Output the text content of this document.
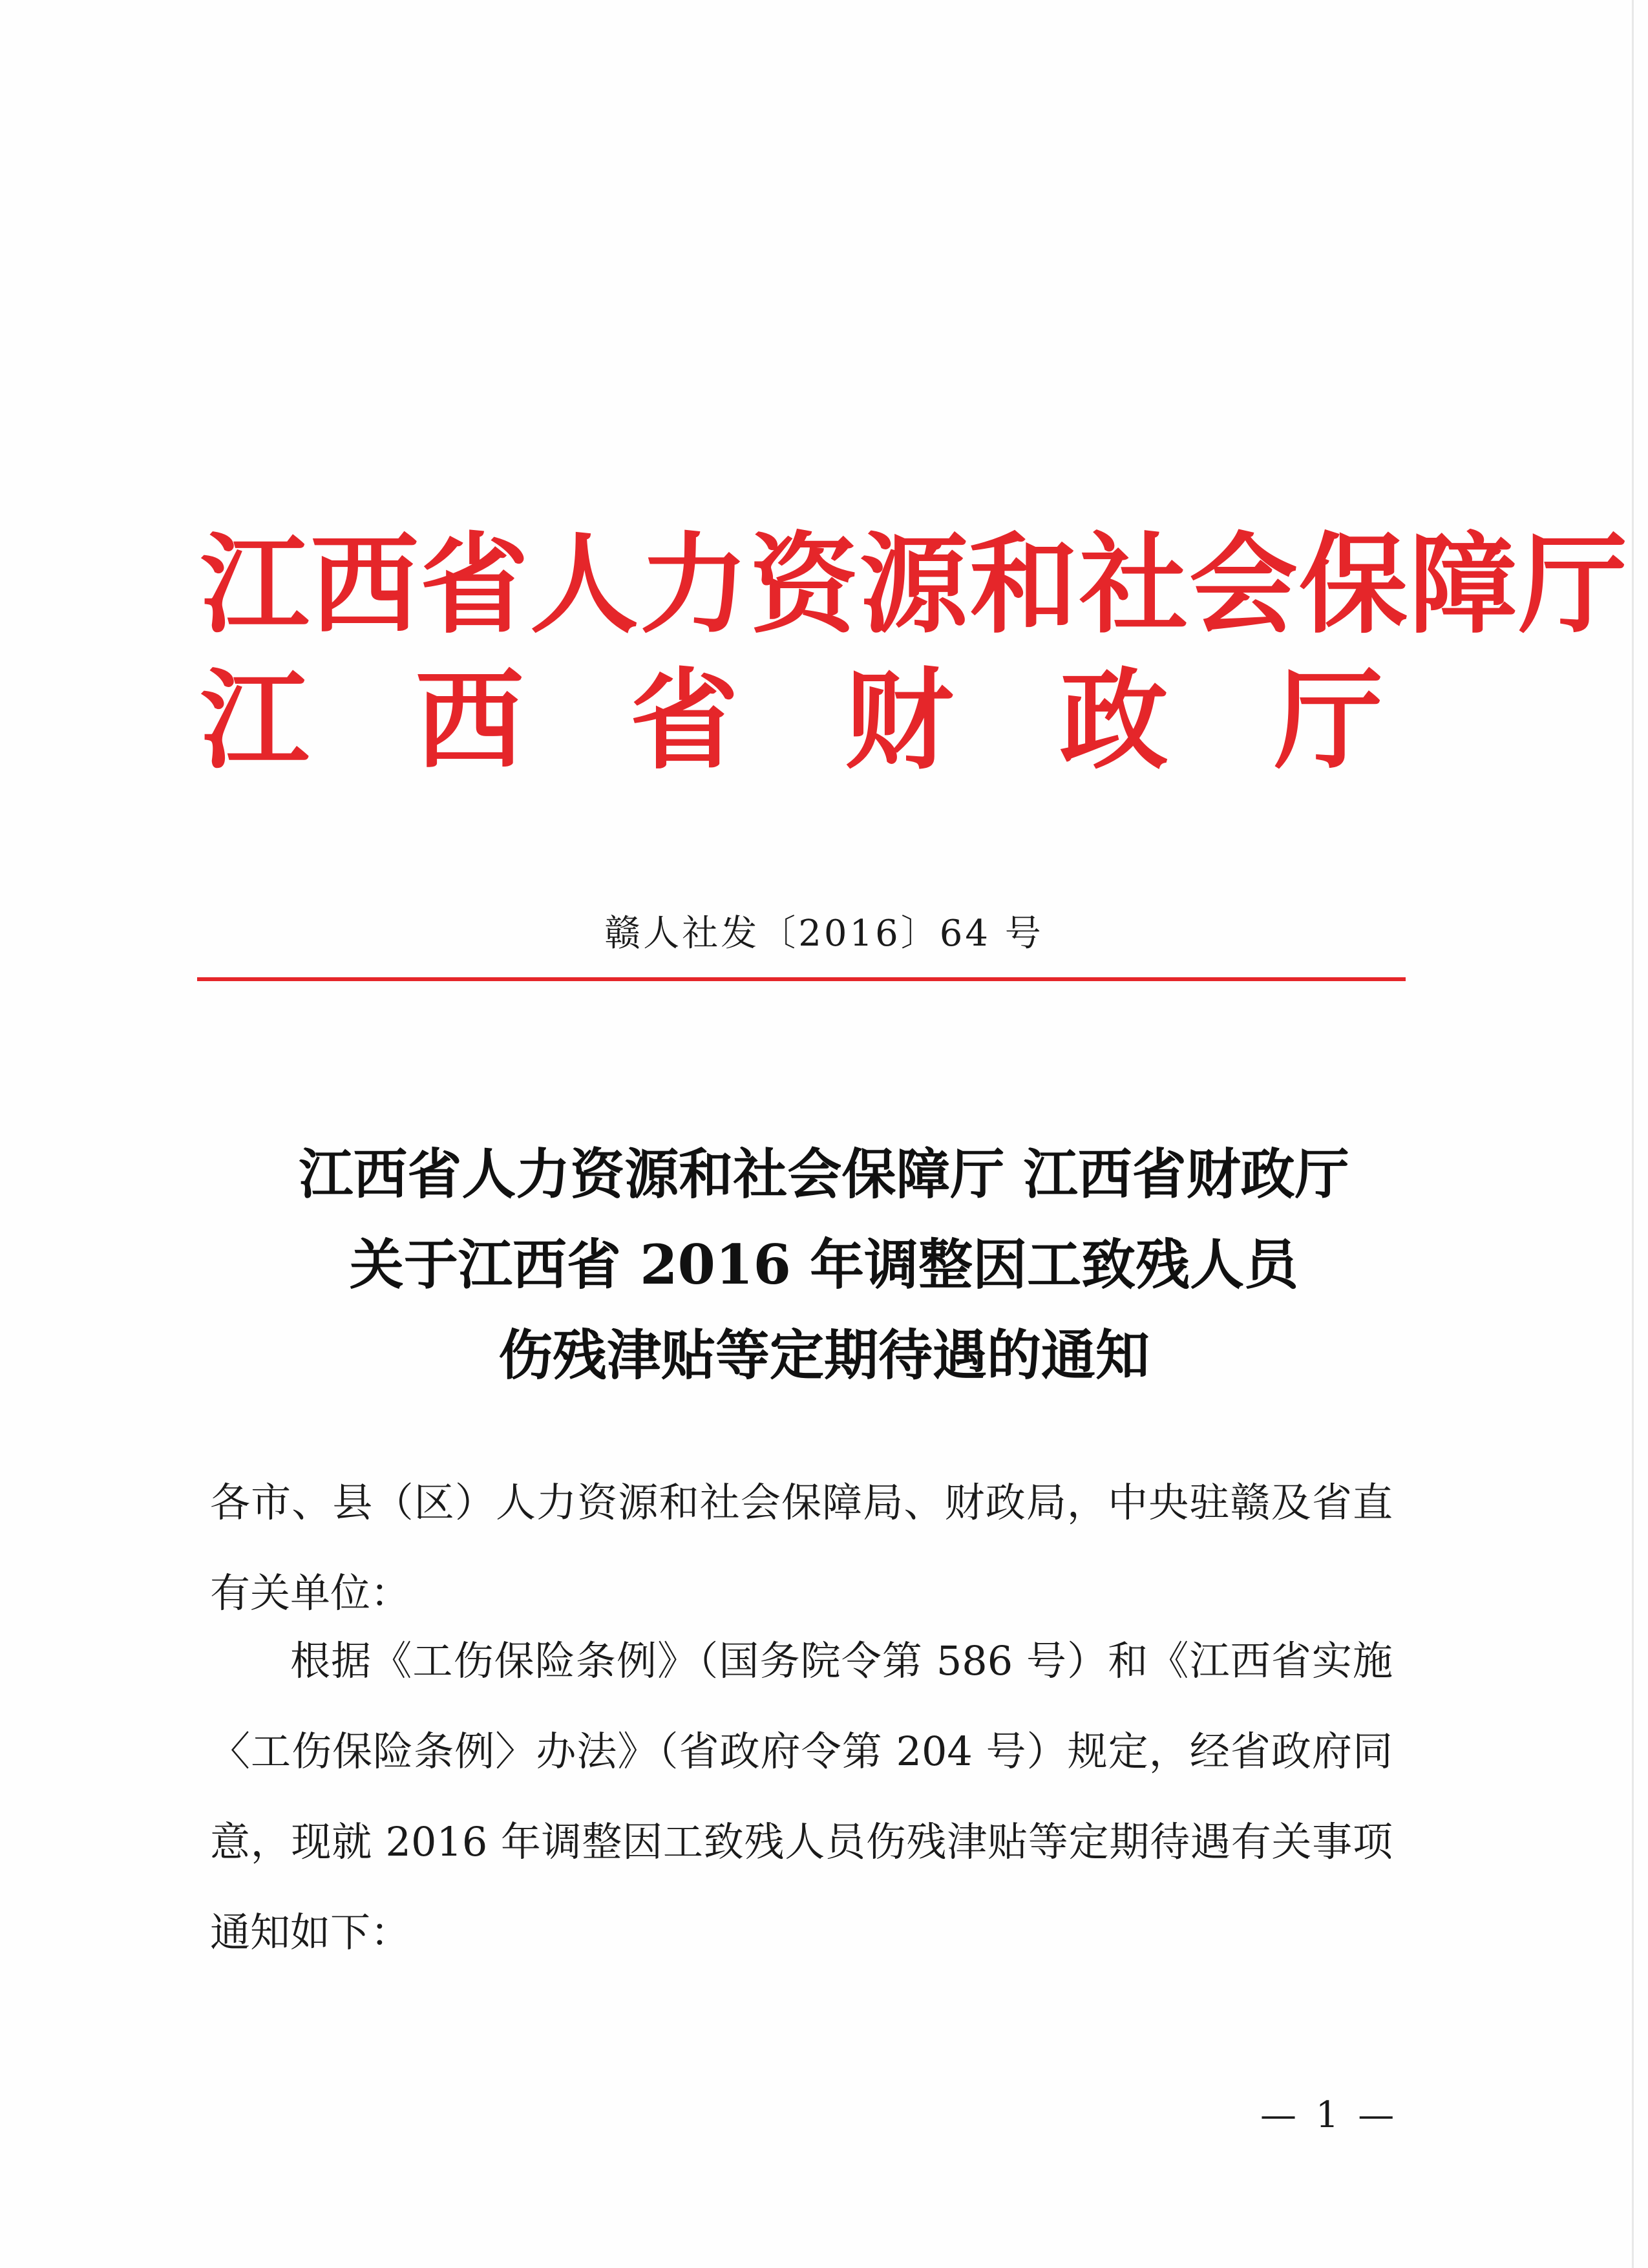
江西省人力资源和社会保障厅
江 西 省 财 政 厅
赣人社发〔2016〕64 号
江西省人力资源和社会保障厅 江西省财政厅
关于江西省 2016 年调整因工致残人员
伤残津贴等定期待遇的通知
各市、县（区）人力资源和社会保障局、财政局，中央驻赣及省直有关单位：
根据《工伤保险条例》（国务院令第 586 号）和《江西省实施〈工伤保险条例〉办法》（省政府令第 204 号）规定，经省政府同意，现就 2016 年调整因工致残人员伤残津贴等定期待遇有关事项通知如下：
— 1 —
